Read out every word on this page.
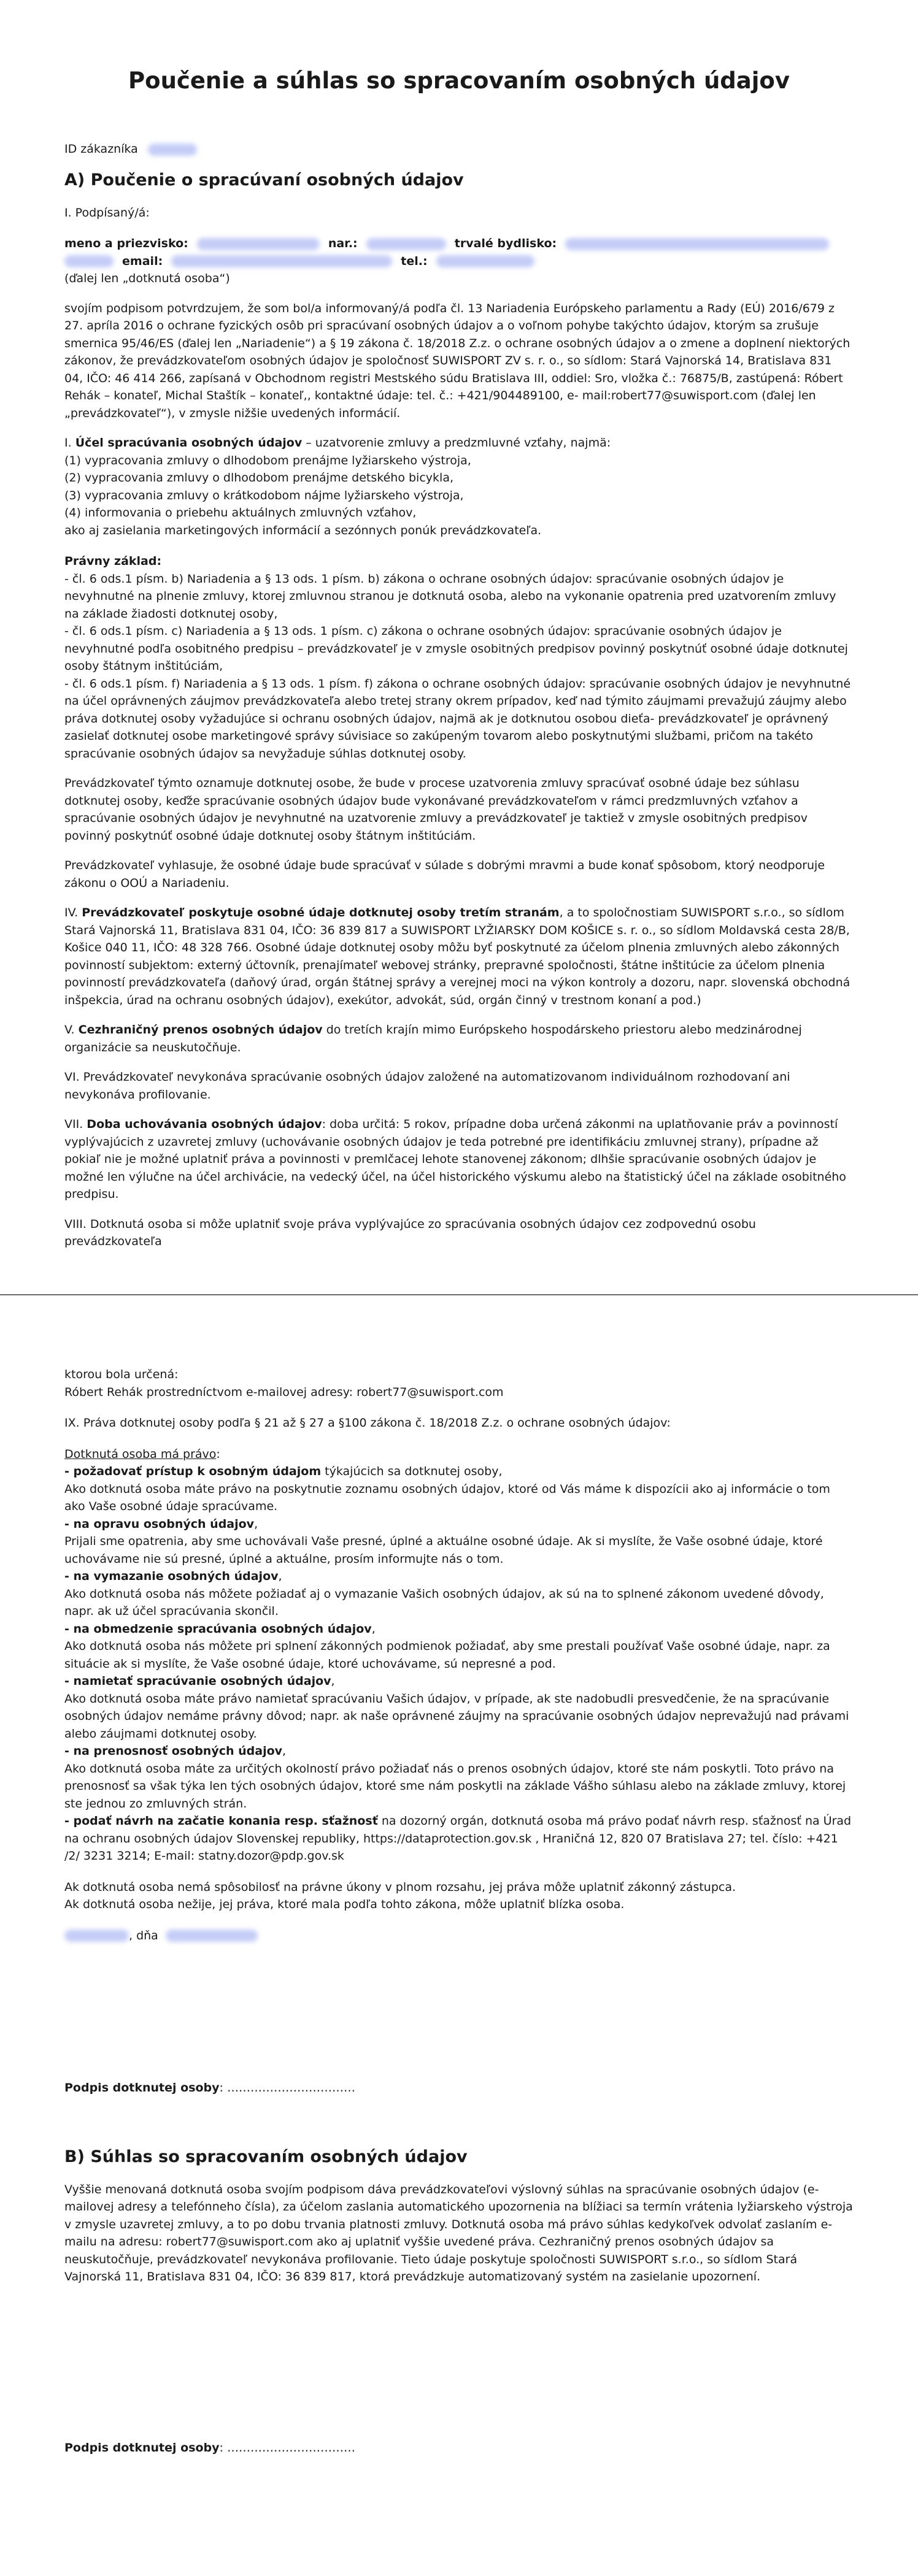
Poučenie a súhlas so spracovaním osobných údajov

ID zákazníka

A) Poučenie o spracúvaní osobných údajov

I. Podpísaný/á:

meno a priezvisko:	nar.:	trvalé bydlisko:
email:	tel.:

(ďalej len „dotknutá osoba“)

svojím podpisom potvrdzujem, že som bol/a informovaný/á podľa čl. 13 Nariadenia Európskeho parlamentu a Rady (EÚ) 2016/679 z 27. apríla 2016 o ochrane fyzických osôb pri spracúvaní osobných údajov a o voľnom pohybe takýchto údajov, ktorým sa zrušuje smernica 95/46/ES (ďalej len „Nariadenie“) a § 19 zákona č. 18/2018 Z.z. o ochrane osobných údajov a o zmene a doplnení niektorých zákonov, že prevádzkovateľom osobných údajov je spoločnosť SUWISPORT ZV s. r. o., so sídlom: Stará Vajnorská 14, Bratislava 831 04, IČO: 46 414 266, zapísaná v Obchodnom registri Mestského súdu Bratislava III, oddiel: Sro, vložka č.: 76875/B, zastúpená: Róbert Rehák – konateľ, Michal Staštík – konateľ,, kontaktné údaje: tel. č.: +421/904489100, e- mail:robert77@suwisport.com (ďalej len „prevádzkovateľ“), v zmysle nižšie uvedených informácií.

I. Účel spracúvania osobných údajov – uzatvorenie zmluvy a predzmluvné vzťahy, najmä:

(1) vypracovania zmluvy o dlhodobom prenájme lyžiarskeho výstroja,

(2) vypracovania zmluvy o dlhodobom prenájme detského bicykla,

(3) vypracovania zmluvy o krátkodobom nájme lyžiarskeho výstroja,

(4) informovania o priebehu aktuálnych zmluvných vzťahov,

ako aj zasielania marketingových informácií a sezónnych ponúk prevádzkovateľa.

Právny základ:

- čl. 6 ods.1 písm. b) Nariadenia a § 13 ods. 1 písm. b) zákona o ochrane osobných údajov: spracúvanie osobných údajov je nevyhnutné na plnenie zmluvy, ktorej zmluvnou stranou je dotknutá osoba, alebo na vykonanie opatrenia pred uzatvorením zmluvy na základe žiadosti dotknutej osoby,

- čl. 6 ods.1 písm. c) Nariadenia a § 13 ods. 1 písm. c) zákona o ochrane osobných údajov: spracúvanie osobných údajov je nevyhnutné podľa osobitného predpisu – prevádzkovateľ je v zmysle osobitných predpisov povinný poskytnúť osobné údaje dotknutej osoby štátnym inštitúciám,

- čl. 6 ods.1 písm. f) Nariadenia a § 13 ods. 1 písm. f) zákona o ochrane osobných údajov: spracúvanie osobných údajov je nevyhnutné na účel oprávnených záujmov prevádzkovateľa alebo tretej strany okrem prípadov, keď nad týmito záujmami prevažujú záujmy alebo práva dotknutej osoby vyžadujúce si ochranu osobných údajov, najmä ak je dotknutou osobou dieťa- prevádzkovateľ je oprávnený zasielať dotknutej osobe marketingové správy súvisiace so zakúpeným tovarom alebo poskytnutými službami, pričom na takéto spracúvanie osobných údajov sa nevyžaduje súhlas dotknutej osoby.

Prevádzkovateľ týmto oznamuje dotknutej osobe, že bude v procese uzatvorenia zmluvy spracúvať osobné údaje bez súhlasu dotknutej osoby, keďže spracúvanie osobných údajov bude vykonávané prevádzkovateľom v rámci predzmluvných vzťahov a spracúvanie osobných údajov je nevyhnutné na uzatvorenie zmluvy a prevádzkovateľ je taktiež v zmysle osobitných predpisov povinný poskytnúť osobné údaje dotknutej osoby štátnym inštitúciám.

Prevádzkovateľ vyhlasuje, že osobné údaje bude spracúvať v súlade s dobrými mravmi a bude konať spôsobom, ktorý neodporuje zákonu o OOÚ a Nariadeniu.

IV. Prevádzkovateľ poskytuje osobné údaje dotknutej osoby tretím stranám, a to spoločnostiam SUWISPORT s.r.o., so sídlom Stará Vajnorská 11, Bratislava 831 04, IČO: 36 839 817 a SUWISPORT LYŽIARSKY DOM KOŠICE s. r. o., so sídlom Moldavská cesta 28/B, Košice 040 11, IČO: 48 328 766. Osobné údaje dotknutej osoby môžu byť poskytnuté za účelom plnenia zmluvných alebo zákonných povinností subjektom: externý účtovník, prenajímateľ webovej stránky, prepravné spoločnosti, štátne inštitúcie za účelom plnenia povinností prevádzkovateľa (daňový úrad, orgán štátnej správy a verejnej moci na výkon kontroly a dozoru, napr. slovenská obchodná inšpekcia, úrad na ochranu osobných údajov), exekútor, advokát, súd, orgán činný v trestnom konaní a pod.)

V. Cezhraničný prenos osobných údajov do tretích krajín mimo Európskeho hospodárskeho priestoru alebo medzinárodnej organizácie sa neuskutočňuje.

VI. Prevádzkovateľ nevykonáva spracúvanie osobných údajov založené na automatizovanom individuálnom rozhodovaní ani nevykonáva profilovanie.

VII. Doba uchovávania osobných údajov: doba určitá: 5 rokov, prípadne doba určená zákonmi na uplatňovanie práv a povinností vyplývajúcich z uzavretej zmluvy (uchovávanie osobných údajov je teda potrebné pre identifikáciu zmluvnej strany), prípadne až pokiaľ nie je možné uplatniť práva a povinnosti v premlčacej lehote stanovenej zákonom; dlhšie spracúvanie osobných údajov je možné len výlučne na účel archivácie, na vedecký účel, na účel historického výskumu alebo na štatistický účel na základe osobitného predpisu.

VIII. Dotknutá osoba si môže uplatniť svoje práva vyplývajúce zo spracúvania osobných údajov cez zodpovednú osobu prevádzkovateľa

ktorou bola určená:

Róbert Rehák prostredníctvom e-mailovej adresy: robert77@suwisport.com

IX. Práva dotknutej osoby podľa § 21 až § 27 a §100 zákona č. 18/2018 Z.z. o ochrane osobných údajov:

Dotknutá osoba má právo:

- požadovať prístup k osobným údajom týkajúcich sa dotknutej osoby,

Ako dotknutá osoba máte právo na poskytnutie zoznamu osobných údajov, ktoré od Vás máme k dispozícii ako aj informácie o tom ako Vaše osobné údaje spracúvame.

- na opravu osobných údajov,

Prijali sme opatrenia, aby sme uchovávali Vaše presné, úplné a aktuálne osobné údaje. Ak si myslíte, že Vaše osobné údaje, ktoré uchovávame nie sú presné, úplné a aktuálne, prosím informujte nás o tom.

- na vymazanie osobných údajov,

Ako dotknutá osoba nás môžete požiadať aj o vymazanie Vašich osobných údajov, ak sú na to splnené zákonom uvedené dôvody, napr. ak už účel spracúvania skončil.

- na obmedzenie spracúvania osobných údajov,

Ako dotknutá osoba nás môžete pri splnení zákonných podmienok požiadať, aby sme prestali používať Vaše osobné údaje, napr. za situácie ak si myslíte, že Vaše osobné údaje, ktoré uchovávame, sú nepresné a pod.

- namietať spracúvanie osobných údajov,

Ako dotknutá osoba máte právo namietať spracúvaniu Vašich údajov, v prípade, ak ste nadobudli presvedčenie, že na spracúvanie osobných údajov nemáme právny dôvod; napr. ak naše oprávnené záujmy na spracúvanie osobných údajov neprevažujú nad právami alebo záujmami dotknutej osoby.

- na prenosnosť osobných údajov,

Ako dotknutá osoba máte za určitých okolností právo požiadať nás o prenos osobných údajov, ktoré ste nám poskytli. Toto právo na prenosnosť sa však týka len tých osobných údajov, ktoré sme nám poskytli na základe Vášho súhlasu alebo na základe zmluvy, ktorej ste jednou zo zmluvných strán.

- podať návrh na začatie konania resp. sťažnosť na dozorný orgán, dotknutá osoba má právo podať návrh resp. sťažnosť na Úrad na ochranu osobných údajov Slovenskej republiky, https://dataprotection.gov.sk , Hraničná 12, 820 07 Bratislava 27; tel. číslo: +421 /2/ 3231 3214; E-mail: statny.dozor@pdp.gov.sk

Ak dotknutá osoba nemá spôsobilosť na právne úkony v plnom rozsahu, jej práva môže uplatniť zákonný zástupca.

Ak dotknutá osoba nežije, jej práva, ktoré mala podľa tohto zákona, môže uplatniť blízka osoba.

, dňa

Podpis dotknutej osoby: ……………………………

B) Súhlas so spracovaním osobných údajov

Vyššie menovaná dotknutá osoba svojím podpisom dáva prevádzkovateľovi výslovný súhlas na spracúvanie osobných údajov (e-mailovej adresy a telefónneho čísla), za účelom zaslania automatického upozornenia na blížiaci sa termín vrátenia lyžiarskeho výstroja v zmysle uzavretej zmluvy, a to po dobu trvania platnosti zmluvy. Dotknutá osoba má právo súhlas kedykoľvek odvolať zaslaním e-mailu na adresu: robert77@suwisport.com ako aj uplatniť vyššie uvedené práva. Cezhraničný prenos osobných údajov sa neuskutočňuje, prevádzkovateľ nevykonáva profilovanie. Tieto údaje poskytuje spoločnosti SUWISPORT s.r.o., so sídlom Stará Vajnorská 11, Bratislava 831 04, IČO: 36 839 817, ktorá prevádzkuje automatizovaný systém na zasielanie upozornení.

Podpis dotknutej osoby: ……………………………
